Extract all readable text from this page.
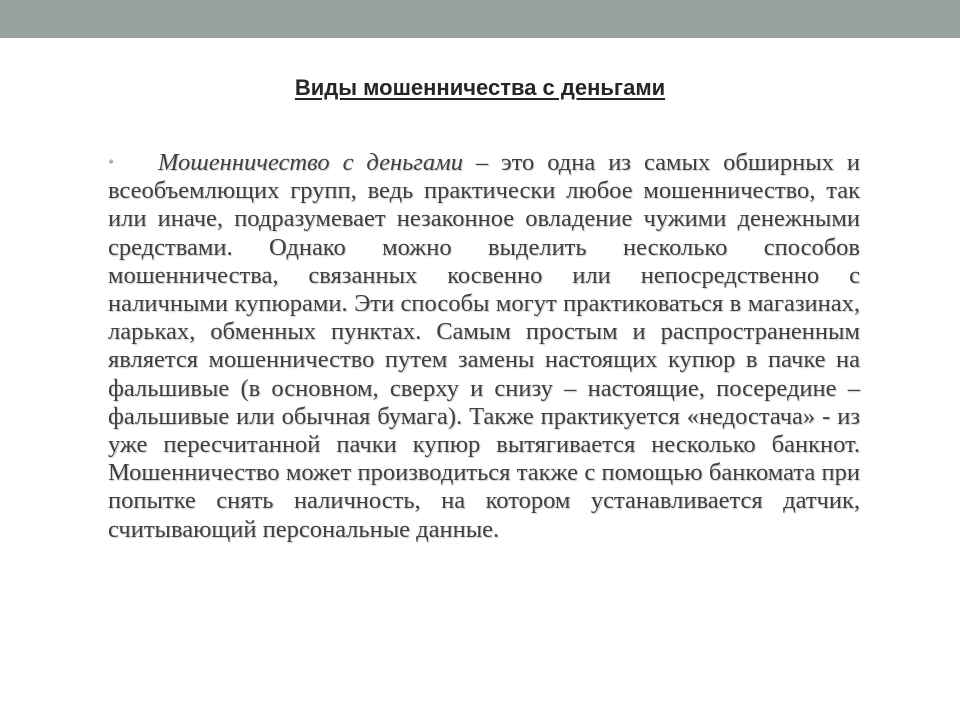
Виды мошенничества с деньгами
• Мошенничество с деньгами – это одна из самых обширных и всеобъемлющих групп, ведь практически любое мошенничество, так или иначе, подразумевает незаконное овладение чужими денежными средствами. Однако можно выделить несколько способов мошенничества, связанных косвенно или непосредственно с наличными купюрами. Эти способы могут практиковаться в магазинах, ларьках, обменных пунктах. Самым простым и распространенным является мошенничество путем замены настоящих купюр в пачке на фальшивые (в основном, сверху и снизу – настоящие, посередине – фальшивые или обычная бумага). Также практикуется «недостача» - из уже пересчитанной пачки купюр вытягивается несколько банкнот. Мошенничество может производиться также с помощью банкомата при попытке снять наличность, на котором устанавливается датчик, считывающий персональные данные.
